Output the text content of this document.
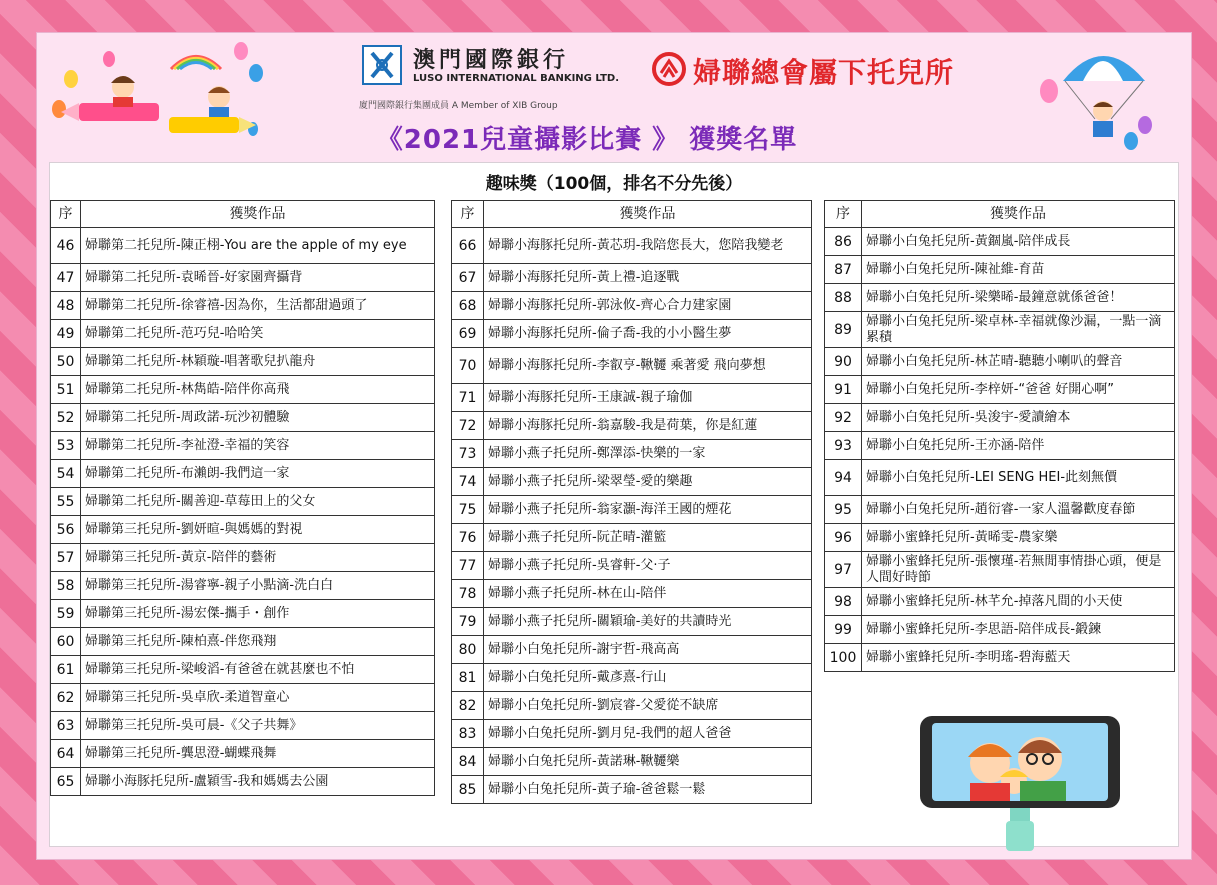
澳門國際銀行
LUSO INTERNATIONAL BANKING LTD.
廈門國際銀行集團成員 A Member of XIB Group
婦聯總會屬下托兒所
《2021兒童攝影比賽 》 獲獎名單
趣味獎（100個，排名不分先後）
序	獲獎作品
46	婦聯第二托兒所-陳正栩-You are the apple of my eye
47	婦聯第二托兒所-袁晞晉-好家園齊攝背
48	婦聯第二托兒所-徐睿禧-因為你，生活都甜過頭了
49	婦聯第二托兒所-范巧兒-哈哈笑
50	婦聯第二托兒所-林穎璇-唱著歌兒扒龍舟
51	婦聯第二托兒所-林雋皓-陪伴你高飛
52	婦聯第二托兒所-周政諾-玩沙初體驗
53	婦聯第二托兒所-李祉澄-幸福的笑容
54	婦聯第二托兒所-布瀨朗-我們這一家
55	婦聯第二托兒所-關善迎-草莓田上的父女
56	婦聯第三托兒所-劉妍暄-與媽媽的對視
57	婦聯第三托兒所-黃京-陪伴的藝術
58	婦聯第三托兒所-湯睿寧-親子小點滴-洗白白
59	婦聯第三托兒所-湯宏傑-攜手・創作
60	婦聯第三托兒所-陳柏熹-伴您飛翔
61	婦聯第三托兒所-梁峻滔-有爸爸在就甚麼也不怕
62	婦聯第三托兒所-吳卓欣-柔道智童心
63	婦聯第三托兒所-吳可晨-《父子共舞》
64	婦聯第三托兒所-龔思澄-蝴蝶飛舞
65	婦聯小海豚托兒所-盧穎雪-我和媽媽去公園
序	獲獎作品
66	婦聯小海豚托兒所-黃芯玥-我陪您長大，您陪我變老
67	婦聯小海豚托兒所-黃上禮-追逐戰
68	婦聯小海豚托兒所-郭泳攸-齊心合力建家園
69	婦聯小海豚托兒所-倫子喬-我的小小醫生夢
70	婦聯小海豚托兒所-李叡亨-鞦韆 乘著愛 飛向夢想
71	婦聯小海豚托兒所-王康誠-親子瑜伽
72	婦聯小海豚托兒所-翁嘉駿-我是荷葉，你是紅蓮
73	婦聯小燕子托兒所-鄭澤添-快樂的一家
74	婦聯小燕子托兒所-梁翠瑩-愛的樂趣
75	婦聯小燕子托兒所-翁家灝-海洋王國的煙花
76	婦聯小燕子托兒所-阮芷晴-灌籃
77	婦聯小燕子托兒所-吳睿軒-父·子
78	婦聯小燕子托兒所-林在山-陪伴
79	婦聯小燕子托兒所-關穎瑜-美好的共讀時光
80	婦聯小白兔托兒所-謝宇哲-飛高高
81	婦聯小白兔托兒所-戴彥熹-行山
82	婦聯小白兔托兒所-劉宸睿-父愛從不缺席
83	婦聯小白兔托兒所-劉月兒-我們的超人爸爸
84	婦聯小白兔托兒所-黃諾琳-鞦韆樂
85	婦聯小白兔托兒所-黃子瑜-爸爸鬆一鬆
序	獲獎作品
86	婦聯小白兔托兒所-黃錮嵐-陪伴成長
87	婦聯小白兔托兒所-陳祉維-育苗
88	婦聯小白兔托兒所-梁樂晞-最鐘意就係爸爸！
89	婦聯小白兔托兒所-梁卓林-幸福就像沙漏，一點一滴累積
90	婦聯小白兔托兒所-林芷晴-聽聽小喇叭的聲音
91	婦聯小白兔托兒所-李梓妍-“爸爸 好開心啊”
92	婦聯小白兔托兒所-吳浚宇-愛讀繪本
93	婦聯小白兔托兒所-王亦涵-陪伴
94	婦聯小白兔托兒所-LEI SENG HEI-此刻無價
95	婦聯小白兔托兒所-趙衍睿-一家人溫馨歡度春節
96	婦聯小蜜蜂托兒所-黃晞雯-農家樂
97	婦聯小蜜蜂托兒所-張懷瑾-若無閒事情掛心頭，便是人間好時節
98	婦聯小蜜蜂托兒所-林芊允-掉落凡間的小天使
99	婦聯小蜜蜂托兒所-李思語-陪伴成長-鍛鍊
100	婦聯小蜜蜂托兒所-李明瑤-碧海藍天
